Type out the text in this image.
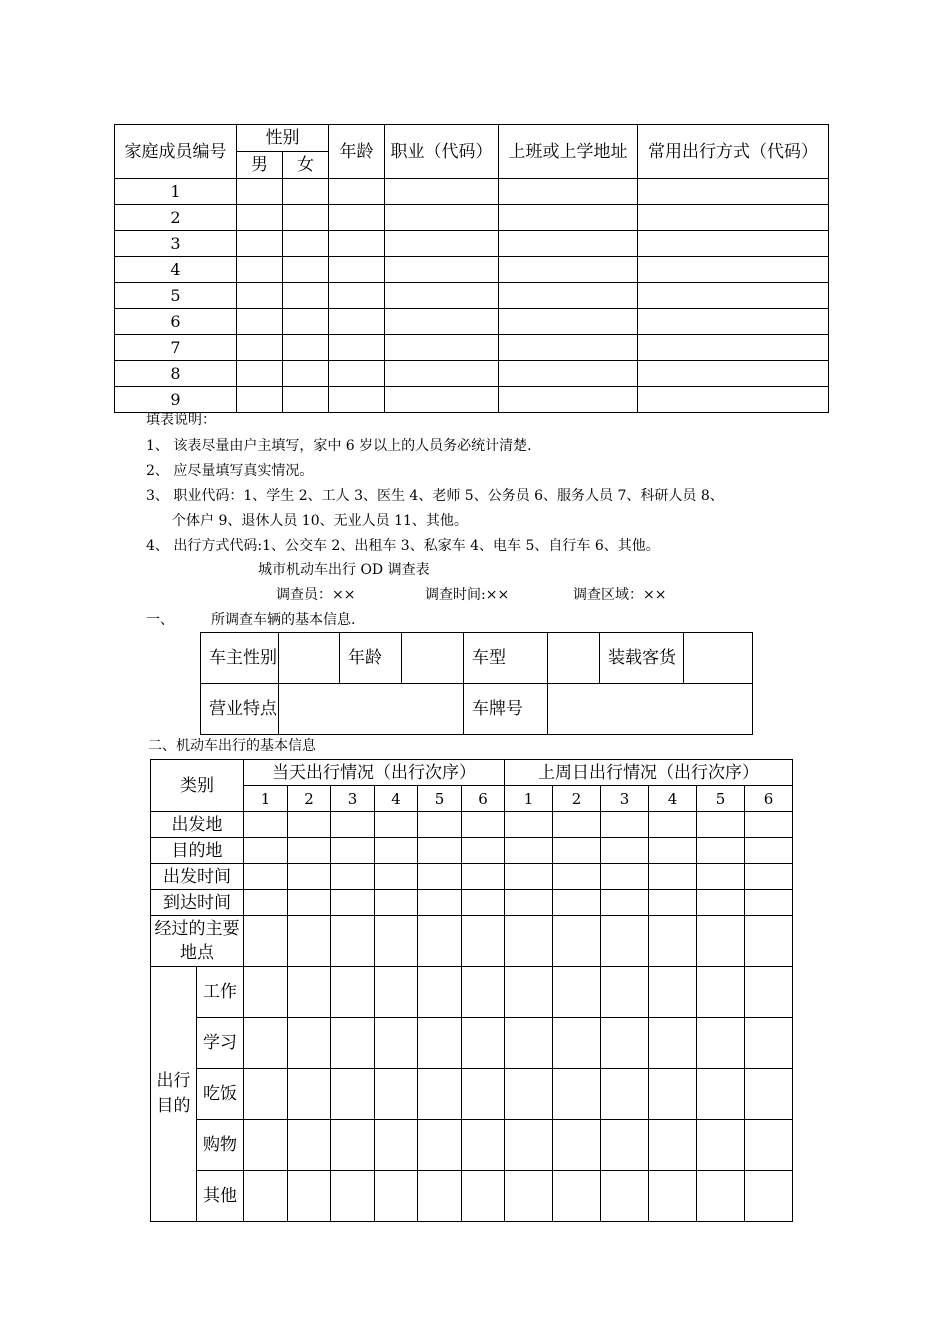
家庭成员编号	性别		年龄	职业（代码）	上班或上学地址	常用出行方式（代码）
	男	女				
1						
2						
3						
4						
5						
6						
7						
8						
9						
填表说明：
1、 该表尽量由户主填写，家中 6 岁以上的人员务必统计清楚.
2、 应尽量填写真实情况。
3、 职业代码：1、学生 2、工人 3、医生 4、老师 5、公务员 6、服务人员 7、科研人员 8、
个体户 9、退休人员 10、无业人员 11、其他。
4、 出行方式代码:1、公交车 2、出租车 3、私家车 4、电车 5、自行车 6、其他。
城市机动车出行 OD 调查表
调查员：××	调查时间:××	调查区域：××
一、	所调查车辆的基本信息.
车主性别		年龄		车型		装载客货	
营业特点				车牌号			
二、机动车出行的基本信息
类别		当天出行情况（出行次序）						上周日出行情况（出行次序）					
		1	2	3	4	5	6	1	2	3	4	5	6
出发地													
目的地													
出发时间													
到达时间													
经过的主要地点													
出行目的	工作												
	学习												
	吃饭												
	购物												
	其他												
